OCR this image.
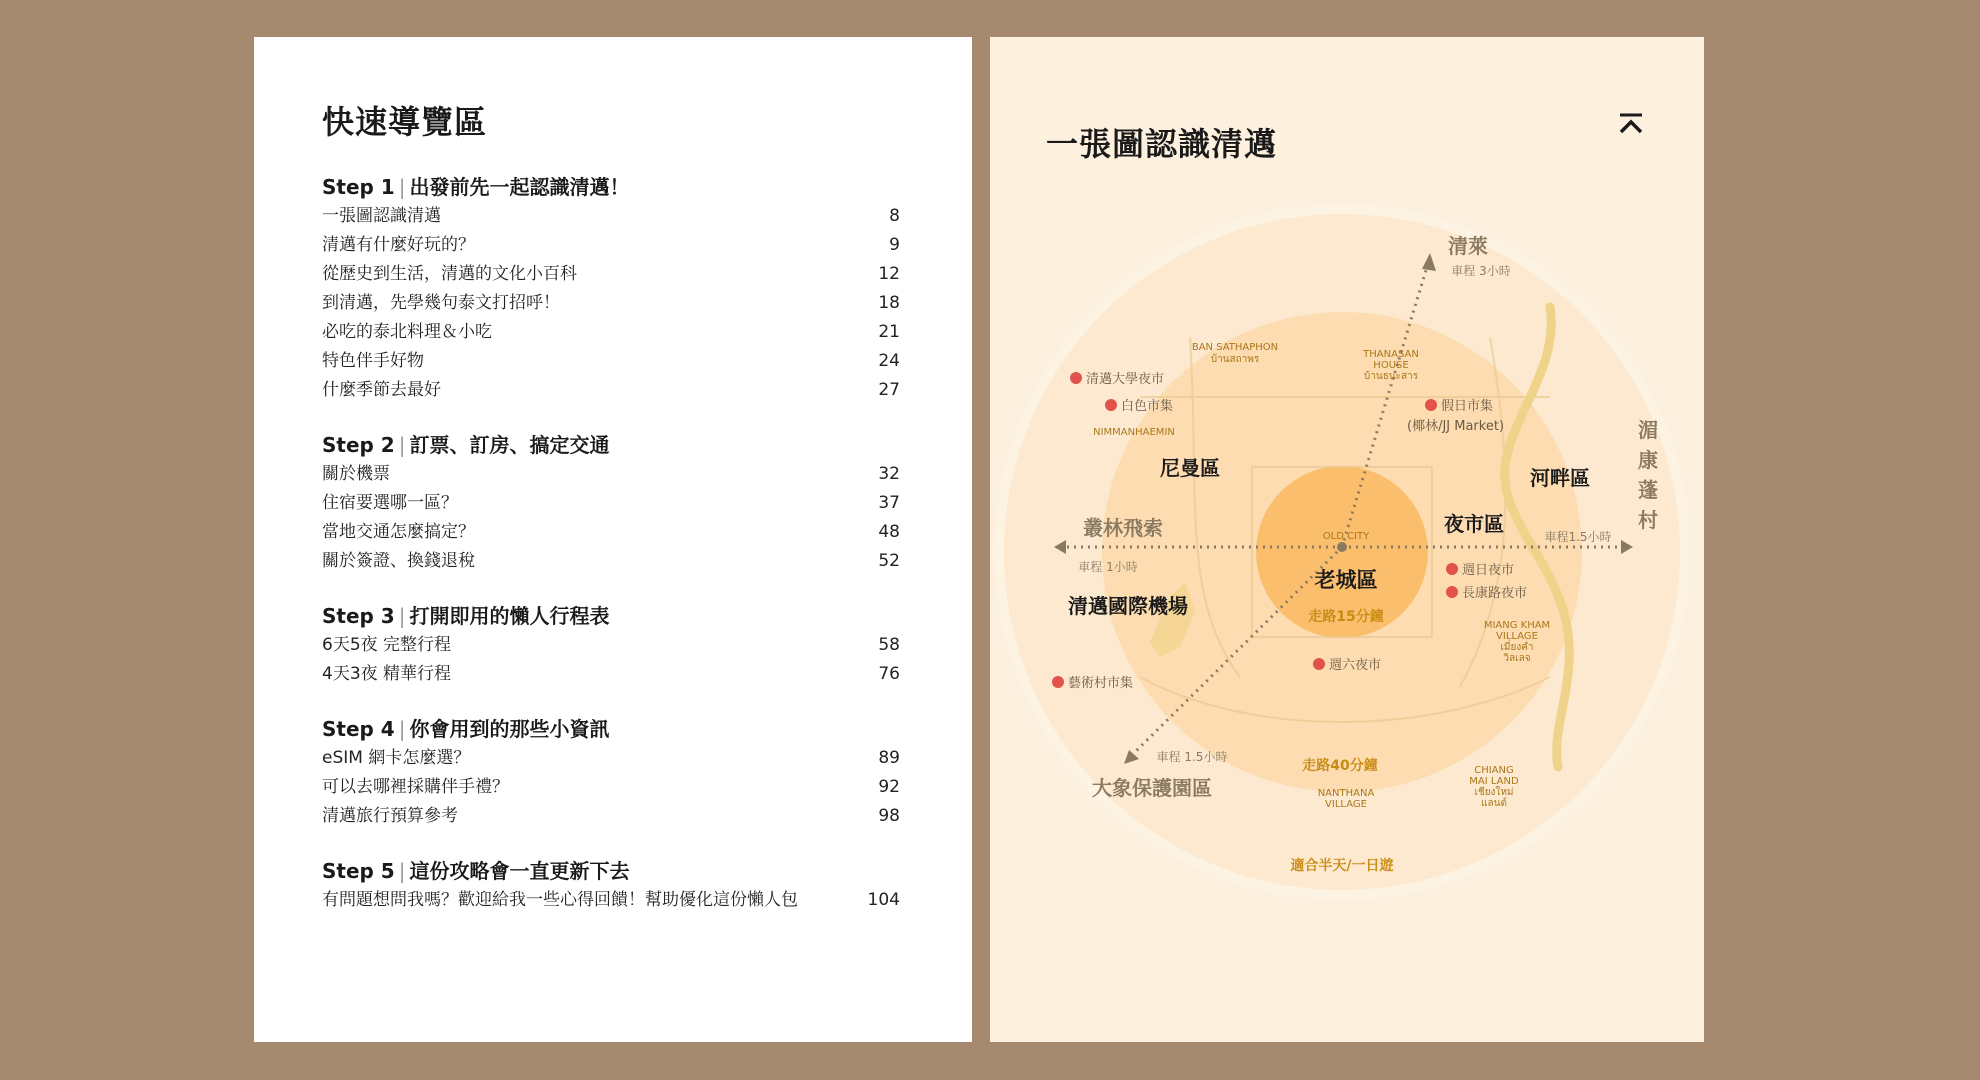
快速導覽區
Step 1 | 出發前先一起認識清邁！
一張圖認識清邁	8
清邁有什麼好玩的？	9
從歷史到生活，清邁的文化小百科	12
到清邁，先學幾句泰文打招呼！	18
必吃的泰北料理＆小吃	21
特色伴手好物	24
什麼季節去最好	27
Step 2 | 訂票、訂房、搞定交通
關於機票	32
住宿要選哪一區？	37
當地交通怎麼搞定？	48
關於簽證、換錢退稅	52
Step 3 | 打開即用的懶人行程表
6天5夜 完整行程	58
4天3夜 精華行程	76
Step 4 | 你會用到的那些小資訊
eSIM 網卡怎麼選？	89
可以去哪裡採購伴手禮？	92
清邁旅行預算參考	98
Step 5 | 這份攻略會一直更新下去
有問題想問我嗎？歡迎給我一些心得回饋！幫助優化這份懶人包	104
OLD CITY
老城區
走路15分鐘
尼曼區
NIMMANHAEMIN
夜市區
河畔區
清邁國際機場
清萊
車程 3小時
叢林飛索
車程 1小時
大象保護園區
車程 1.5小時
車程1.5小時
湄康蓬村
清邁大學夜市
白色市集	假日市集
(椰林/JJ Market)
週日夜市
長康路夜市
週六夜市
藝術村市集
BAN SATHAPHON
บ้านสถาพร	THANASAN
HOUSE
บ้านธนะสาร
MIANG KHAM
VILLAGE
เมี่ยงคำ
วิลเลจ
CHIANG
MAI LAND
เชียงใหม่
แลนด์
NANTHANA
VILLAGE
走路40分鐘
適合半天/一日遊
一張圖認識清邁
